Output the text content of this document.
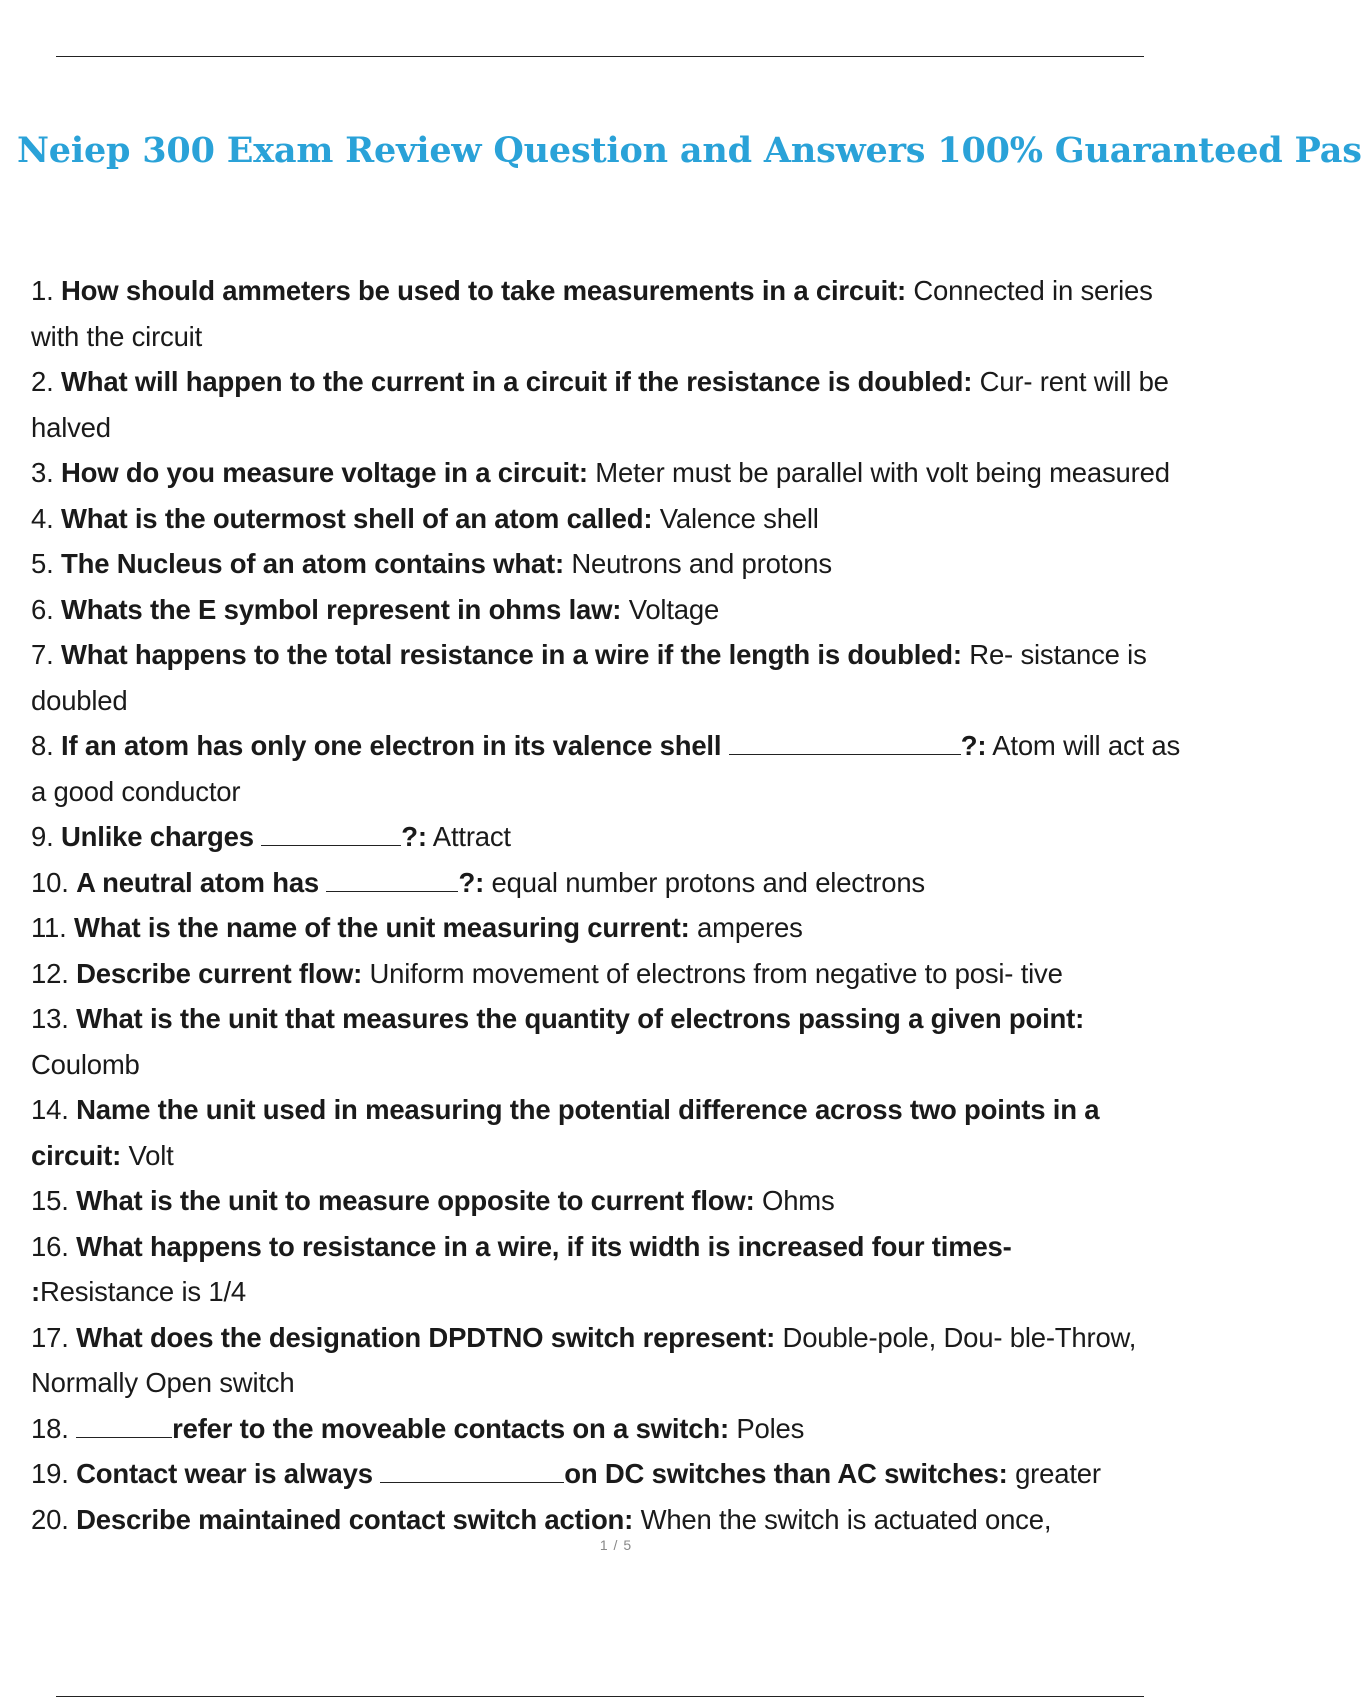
Neiep 300 Exam Review Question and Answers 100% Guaranteed Pas
1. How should ammeters be used to take measurements in a circuit: Connected in series with the circuit
2. What will happen to the current in a circuit if the resistance is doubled: Cur- rent will be halved
3. How do you measure voltage in a circuit: Meter must be parallel with volt being measured
4. What is the outermost shell of an atom called: Valence shell
5. The Nucleus of an atom contains what: Neutrons and protons
6. Whats the E symbol represent in ohms law: Voltage
7. What happens to the total resistance in a wire if the length is doubled: Re- sistance is doubled
8. If an atom has only one electron in its valence shell	?: Atom will act as a good conductor
9. Unlike charges	?: Attract
10. A neutral atom has	?: equal number protons and electrons
11. What is the name of the unit measuring current: amperes
12. Describe current flow: Uniform movement of electrons from negative to posi- tive
13. What is the unit that measures the quantity of electrons passing a given point: Coulomb
14. Name the unit used in measuring the potential difference across two points in a circuit: Volt
15. What is the unit to measure opposite to current flow: Ohms
16. What happens to resistance in a wire, if its width is increased four times-
:Resistance is 1/4
17. What does the designation DPDTNO switch represent: Double-pole, Dou- ble-Throw, Normally Open switch
18.	refer to the moveable contacts on a switch: Poles
19. Contact wear is always	on DC switches than AC switches: greater
20. Describe maintained contact switch action: When the switch is actuated once,
1 / 5
